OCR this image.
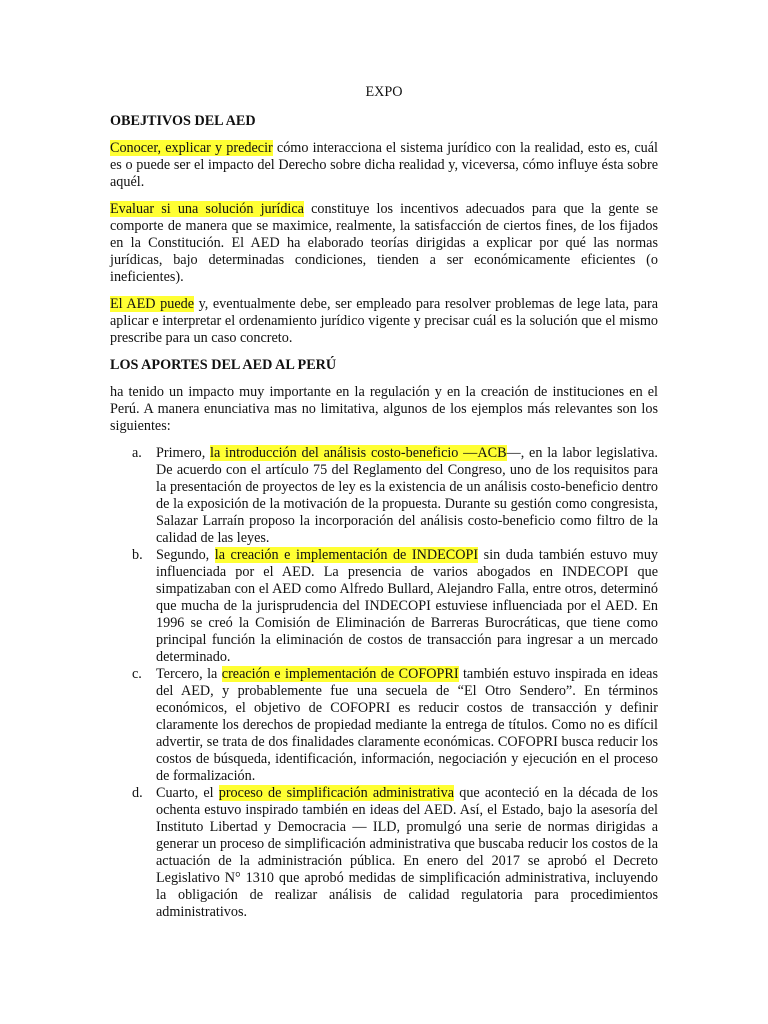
EXPO
OBEJTIVOS DEL AED

Conocer, explicar y predecir cómo interacciona el sistema jurídico con la realidad, esto es, cuál es o puede ser el impacto del Derecho sobre dicha realidad y, viceversa, cómo influye ésta sobre aquél.

Evaluar si una solución jurídica constituye los incentivos adecuados para que la gente se comporte de manera que se maximice, realmente, la satisfacción de ciertos fines, de los fijados en la Constitución. El AED ha elaborado teorías dirigidas a explicar por qué las normas jurídicas, bajo determinadas condiciones, tienden a ser económicamente eficientes (o ineficientes).

El AED puede y, eventualmente debe, ser empleado para resolver problemas de lege lata, para aplicar e interpretar el ordenamiento jurídico vigente y precisar cuál es la solución que el mismo prescribe para un caso concreto.

LOS APORTES DEL AED AL PERÚ

ha tenido un impacto muy importante en la regulación y en la creación de instituciones en el Perú. A manera enunciativa mas no limitativa, algunos de los ejemplos más relevantes son los siguientes:

a. Primero, la introducción del análisis costo-beneficio —ACB—, en la labor legislativa. De acuerdo con el artículo 75 del Reglamento del Congreso, uno de los requisitos para la presentación de proyectos de ley es la existencia de un análisis costo-beneficio dentro de la exposición de la motivación de la propuesta. Durante su gestión como congresista, Salazar Larraín proposo la incorporación del análisis costo-beneficio como filtro de la calidad de las leyes.
b. Segundo, la creación e implementación de INDECOPI sin duda también estuvo muy influenciada por el AED. La presencia de varios abogados en INDECOPI que simpatizaban con el AED como Alfredo Bullard, Alejandro Falla, entre otros, determinó que mucha de la jurisprudencia del INDECOPI estuviese influenciada por el AED. En 1996 se creó la Comisión de Eliminación de Barreras Burocráticas, que tiene como principal función la eliminación de costos de transacción para ingresar a un mercado determinado.
c. Tercero, la creación e implementación de COFOPRI también estuvo inspirada en ideas del AED, y probablemente fue una secuela de “El Otro Sendero”. En términos económicos, el objetivo de COFOPRI es reducir costos de transacción y definir claramente los derechos de propiedad mediante la entrega de títulos. Como no es difícil advertir, se trata de dos finalidades claramente económicas. COFOPRI busca reducir los costos de búsqueda, identificación, información, negociación y ejecución en el proceso de formalización.
d. Cuarto, el proceso de simplificación administrativa que aconteció en la década de los ochenta estuvo inspirado también en ideas del AED. Así, el Estado, bajo la asesoría del Instituto Libertad y Democracia — ILD, promulgó una serie de normas dirigidas a generar un proceso de simplificación administrativa que buscaba reducir los costos de la actuación de la administración pública. En enero del 2017 se aprobó el Decreto Legislativo N° 1310 que aprobó medidas de simplificación administrativa, incluyendo la obligación de realizar análisis de calidad regulatoria para procedimientos administrativos.
